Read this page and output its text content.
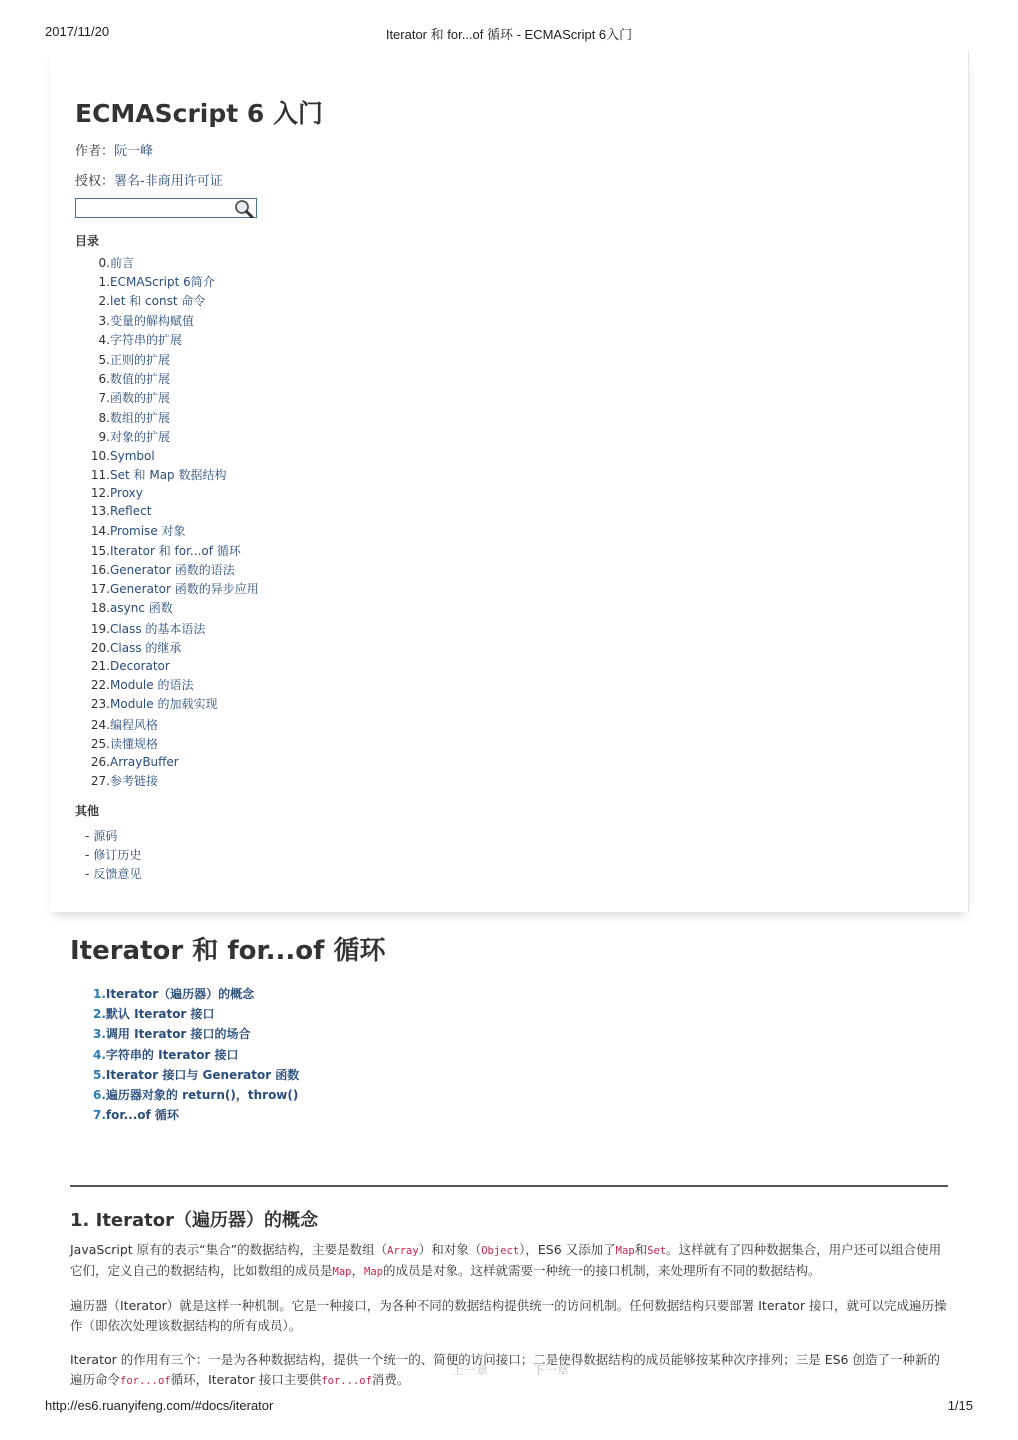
2017/11/20	Iterator 和 for...of 循环 - ECMAScript 6入门
ECMAScript 6 入门
作者：阮一峰
授权：署名-非商用许可证
目录
0.前言
1.ECMAScript 6简介
2.let 和 const 命令
3.变量的解构赋值
4.字符串的扩展
5.正则的扩展
6.数值的扩展
7.函数的扩展
8.数组的扩展
9.对象的扩展
10.Symbol
11.Set 和 Map 数据结构
12.Proxy
13.Reflect
14.Promise 对象
15.Iterator 和 for...of 循环
16.Generator 函数的语法
17.Generator 函数的异步应用
18.async 函数
19.Class 的基本语法
20.Class 的继承
21.Decorator
22.Module 的语法
23.Module 的加载实现
24.编程风格
25.读懂规格
26.ArrayBuffer
27.参考链接
其他
- 源码
- 修订历史
- 反馈意见
Iterator 和 for...of 循环
1.Iterator（遍历器）的概念
2.默认 Iterator 接口
3.调用 Iterator 接口的场合
4.字符串的 Iterator 接口
5.Iterator 接口与 Generator 函数
6.遍历器对象的 return()，throw()
7.for...of 循环
1. Iterator（遍历器）的概念

JavaScript 原有的表示“集合”的数据结构，主要是数组（Array）和对象（Object），ES6 又添加了Map和Set。这样就有了四种数据集合，用户还可以组合使用它们，定义自己的数据结构，比如数组的成员是Map，Map的成员是对象。这样就需要一种统一的接口机制，来处理所有不同的数据结构。

遍历器（Iterator）就是这样一种机制。它是一种接口，为各种不同的数据结构提供统一的访问机制。任何数据结构只要部署 Iterator 接口，就可以完成遍历操作（即依次处理该数据结构的所有成员）。

Iterator 的作用有三个：一是为各种数据结构，提供一个统一的、简便的访问接口；二是使得数据结构的成员能够按某种次序排列；三是 ES6 创造了一种新的遍历命令for...of循环，Iterator 接口主要供for...of消费。

上一章	下一章
http://es6.ruanyifeng.com/#docs/iterator	1/15
